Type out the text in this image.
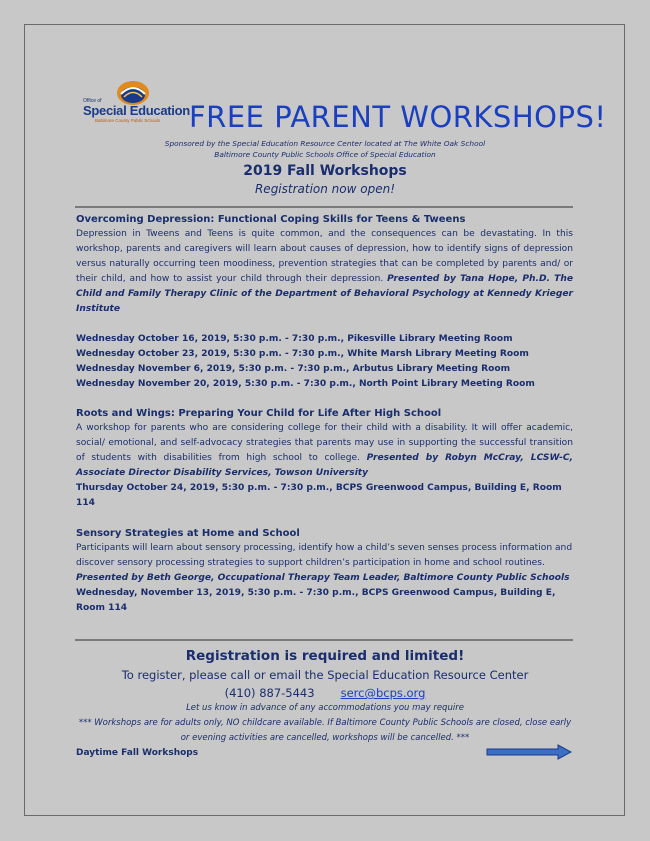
Office of
Special Education
Baltimore County Public Schools FREE PARENT WORKSHOPS!
Sponsored by the Special Education Resource Center located at The White Oak School
Baltimore County Public Schools Office of Special Education
2019 Fall Workshops
Registration now open!
Overcoming Depression: Functional Coping Skills for Teens & Tweens
Depression in Tweens and Teens is quite common, and the consequences can be devastating. In this workshop, parents and caregivers will learn about causes of depression, how to identify signs of depression versus naturally occurring teen moodiness, prevention strategies that can be completed by parents and/ or their child, and how to assist your child through their depression. Presented by Tana Hope, Ph.D. The Child and Family Therapy Clinic of the Department of Behavioral Psychology at Kennedy Krieger Institute
Wednesday October 16, 2019, 5:30 p.m. - 7:30 p.m., Pikesville Library Meeting Room
Wednesday October 23, 2019, 5:30 p.m. - 7:30 p.m., White Marsh Library Meeting Room
Wednesday November 6, 2019, 5:30 p.m. - 7:30 p.m., Arbutus Library Meeting Room
Wednesday November 20, 2019, 5:30 p.m. - 7:30 p.m., North Point Library Meeting Room
Roots and Wings: Preparing Your Child for Life After High School
A workshop for parents who are considering college for their child with a disability. It will offer academic, social/ emotional, and self-advocacy strategies that parents may use in supporting the successful transition of students with disabilities from high school to college. Presented by Robyn McCray, LCSW-C, Associate Director Disability Services, Towson University
Thursday October 24, 2019, 5:30 p.m. - 7:30 p.m., BCPS Greenwood Campus, Building E, Room 114
Sensory Strategies at Home and School
Participants will learn about sensory processing, identify how a child’s seven senses process information and discover sensory processing strategies to support children’s participation in home and school routines. Presented by Beth George, Occupational Therapy Team Leader, Baltimore County Public Schools
Wednesday, November 13, 2019, 5:30 p.m. - 7:30 p.m., BCPS Greenwood Campus, Building E, Room 114
Registration is required and limited!
To register, please call or email the Special Education Resource Center
(410) 887-5443 serc@bcps.org
Let us know in advance of any accommodations you may require
*** Workshops are for adults only, NO childcare available. If Baltimore County Public Schools are closed, close early or evening activities are cancelled, workshops will be cancelled. ***
Daytime Fall Workshops
